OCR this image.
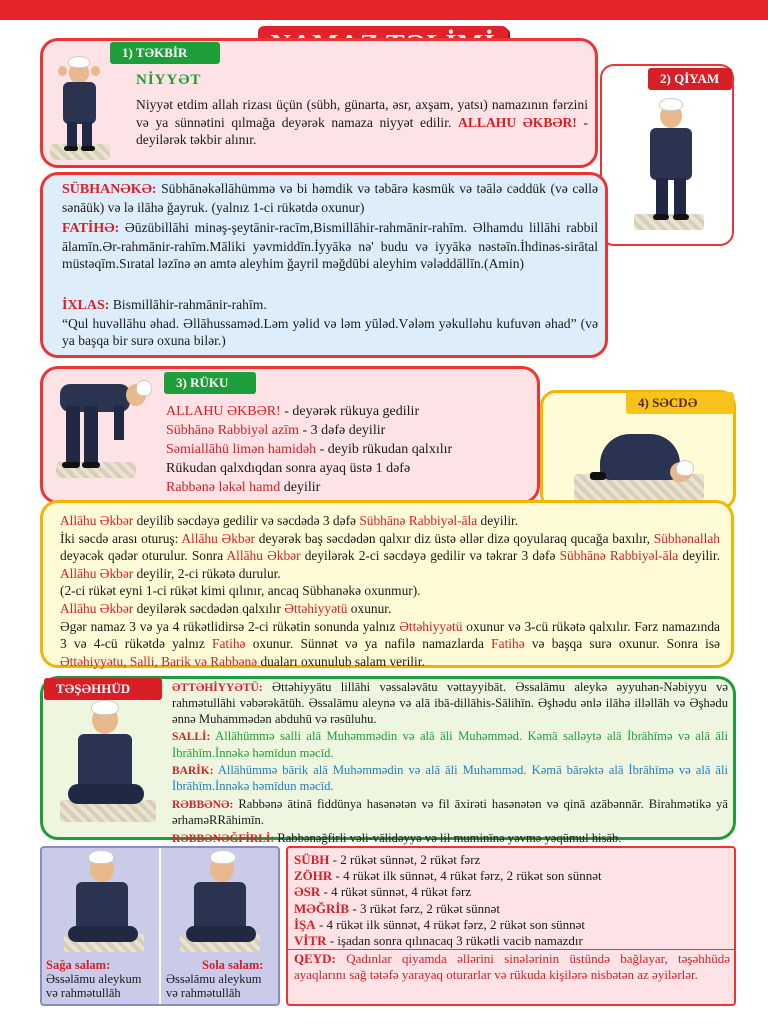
1) TƏKBİR
NİYYƏT
Niyyət etdim allah rizası üçün (sübh, günarta, əsr, axşam, yatsı) namazının fərzini və ya sünnətini qılmağa deyərək namaza niyyət edilir. ALLAHU ƏKBƏR! - deyilərək təkbir alınır.
2) QİYAM
SÜBHANƏKƏ: Sübhānəkəllāhümmə və bi həmdik və təbārə kəsmük və təālə cəddük (və cəllə sənāük) və lə ilāhə ğayruk. (yalnız 1-ci rükətdə oxunur)
FATİHƏ: Əūzübillāhi minəş-şeytānir-racīm,Bismillāhir-rahmānir-rahīm. Əlhamdu lillāhi rabbil ālamīn.Ər-rahmānir-rahīm.Māliki yəvmiddīn.İyyākə nə' budu və iyyākə nəstəīn.İhdinəs-sirātal müstəqīm.Sıratal ləzīnə ən amtə aleyhim ğayril məğdūbi aleyhim vələddāllīn.(Amin)
İXLAS: Bismillāhir-rahmānir-rahīm.
“Qul huvəllāhu əhad. Əllāhussaməd.Ləm yəlid və ləm yūləd.Vələm yəkulləhu kufuvən əhad” (və ya başqa bir surə oxuna bilər.)
3) RÜKU
ALLAHU ƏKBƏR! - deyərək rükuya gedilir
Sübhānə Rabbiyəl azīm - 3 dəfə deyilir
Səmiallāhü limən hamidəh - deyib rükudan qalxılır
Rükudan qalxdıqdan sonra ayaq üstə 1 dəfə
Rabbənə ləkəl hamd deyilir
4) SƏCDƏ
Allāhu Əkbər deyilib səcdəyə gedilir və səcdədə 3 dəfə Sübhānə Rabbiyəl-āla deyilir.
İki səcdə arası oturuş: Allāhu Əkbər deyərək baş səcdədən qalxır diz üstə əllər dizə qoyularaq qucağa baxılır, Sübhənallah deyəcək qədər oturulur. Sonra Allāhu Əkbər deyilərək 2-ci səcdəyə gedilir və təkrar 3 dəfə Sübhānə Rabbiyəl-āla deyilir. Allāhu Əkbər deyilir, 2-ci rükətə durulur.
(2-ci rükət eyni 1-ci rükət kimi qılınır, ancaq Sübhanəkə oxunmur).
Allāhu Əkbər deyilərək səcdədən qalxılır Əttəhiyyətü oxunur.
Əgər namaz 3 və ya 4 rükətlidirsə 2-ci rükətin sonunda yalnız Əttəhiyyətü oxunur və 3-cü rükətə qalxılır. Fərz namazında 3 və 4-cü rükətdə yalnız Fatihə oxunur. Sünnət və ya nafilə namazlarda Fatihə və başqa surə oxunur. Sonra isə Əttəhiyyətu, Salli, Barik və Rabbənə duaları oxunulub salam verilir.
TƏŞƏHHÜD	ƏTTƏHİYYƏTÜ: Əttəhiyyātu lillāhi vəssaləvātu vəttayyibāt. Əssalāmu aleykə əyyuhən-Nəbiyyu və rahmətullāhi vəbərəkātüh. Əssalāmu aleynə və alā ibā-dillāhis-Sālihīn. Əşhədu ənlə ilāhə illəllāh və Əşhədu ənnə Muhammədən abduhū və rəsūluhu.
SALLİ: Allāhümmə salli alā Muhəmmədin və alā āli Muhəmməd. Kəmā salləytə alā İbrāhīmə və alā āli İbrāhīm.İnnəkə həmīdun məcīd.
BARİK: Allāhümmə bārik alā Muhəmmədin və alā āli Muhəmməd. Kəmā bārəktə alā İbrāhīmə və alā āli İbrāhīm.İnnəkə həmīdun məcīd.
RƏBBƏNƏ: Rabbənə ātinā fiddünya hasənətən və fil āxirəti hasənətən və qinā azābənnār. Birahmətikə yā ərhaməRRāhimīn.
RƏBBƏNƏĞFİRLİ: Rabbənəğfirli vəli-vālidəyyə və lil muminīnə yəvmə yəqūmul hisāb.
Sağa salam:
Əssəlāmu aleykum
və rahmətullāh
Sola salam:
Əssəlāmu aleykum
və rahmətullāh
SÜBH - 2 rükət sünnət, 2 rükət fərz
ZÖHR - 4 rükət ilk sünnət, 4 rükət fərz, 2 rükət son sünnət
ƏSR - 4 rükət sünnət, 4 rükət fərz
MƏĞRİB - 3 rükət fərz, 2 rükət sünnət
İŞA - 4 rükət ilk sünnət, 4 rükət fərz, 2 rükət son sünnət
VİTR - işadan sonra qılınacaq 3 rükətli vacib namazdır
QEYD: Qadınlar qiyamda əllərini sinələrinin üstündə bağlayar, təşəhhüdə ayaqlarını sağ tətəfə yarayaq oturarlar və rükuda kişilərə nisbətən az əyilərlər.
